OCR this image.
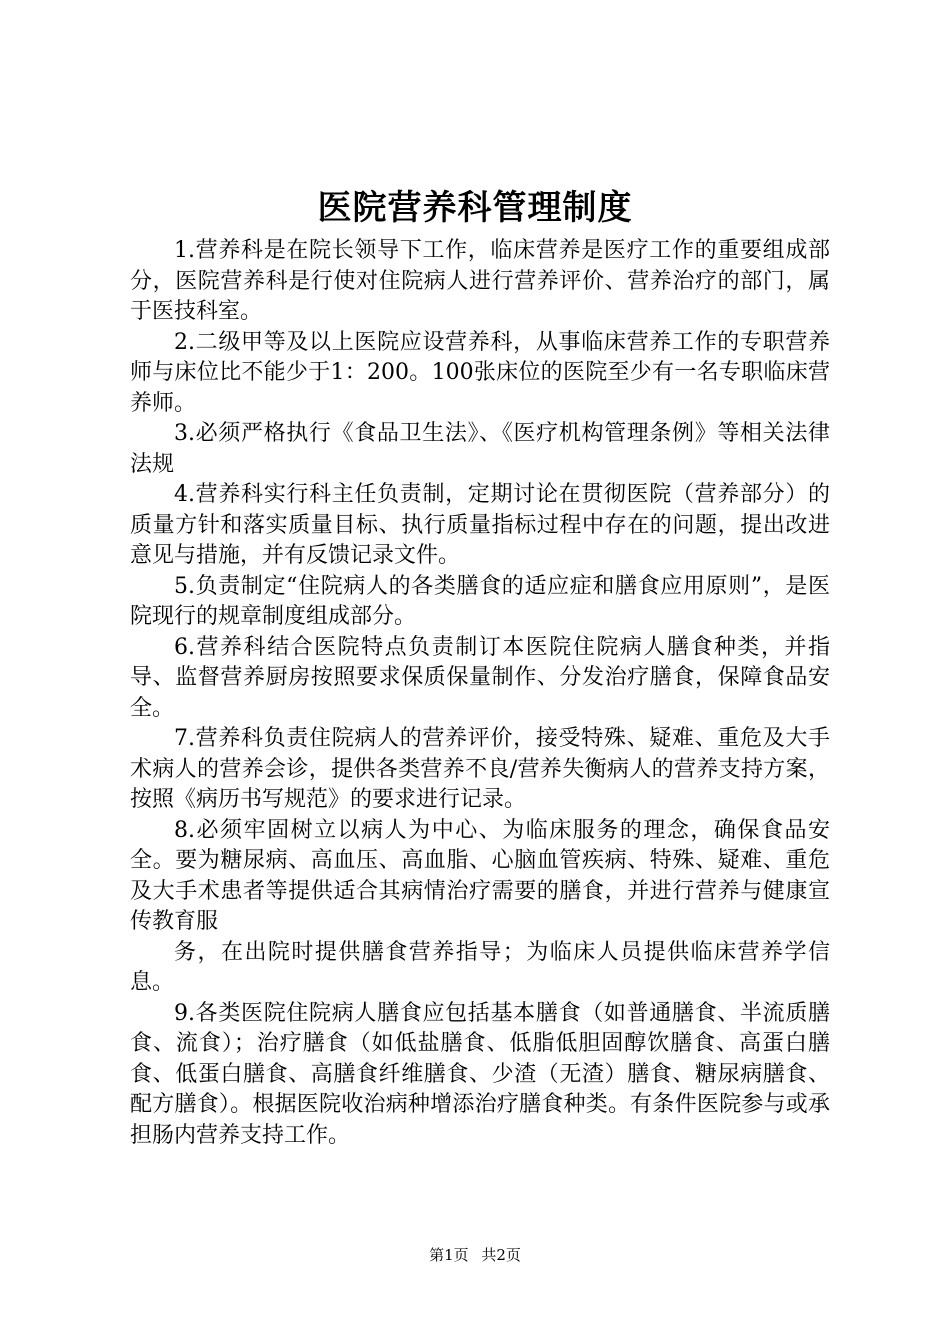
医院营养科管理制度

1.营养科是在院长领导下工作，临床营养是医疗工作的重要组成部分，医院营养科是行使对住院病人进行营养评价、营养治疗的部门，属于医技科室。

2.二级甲等及以上医院应设营养科，从事临床营养工作的专职营养师与床位比不能少于1：200。100张床位的医院至少有一名专职临床营养师。

3.必须严格执行《食品卫生法》、《医疗机构管理条例》等相关法律法规

4.营养科实行科主任负责制，定期讨论在贯彻医院（营养部分）的质量方针和落实质量目标、执行质量指标过程中存在的问题，提出改进意见与措施，并有反馈记录文件。

5.负责制定“住院病人的各类膳食的适应症和膳食应用原则”，是医院现行的规章制度组成部分。

6.营养科结合医院特点负责制订本医院住院病人膳食种类，并指导、监督营养厨房按照要求保质保量制作、分发治疗膳食，保障食品安全。

7.营养科负责住院病人的营养评价，接受特殊、疑难、重危及大手术病人的营养会诊，提供各类营养不良/营养失衡病人的营养支持方案，按照《病历书写规范》的要求进行记录。

8.必须牢固树立以病人为中心、为临床服务的理念，确保食品安全。要为糖尿病、高血压、高血脂、心脑血管疾病、特殊、疑难、重危及大手术患者等提供适合其病情治疗需要的膳食，并进行营养与健康宣传教育服

务，在出院时提供膳食营养指导；为临床人员提供临床营养学信息。

9.各类医院住院病人膳食应包括基本膳食（如普通膳食、半流质膳食、流食）；治疗膳食（如低盐膳食、低脂低胆固醇饮膳食、高蛋白膳食、低蛋白膳食、高膳食纤维膳食、少渣（无渣）膳食、糖尿病膳食、配方膳食）。根据医院收治病种增添治疗膳食种类。有条件医院参与或承担肠内营养支持工作。

第1页 共2页
